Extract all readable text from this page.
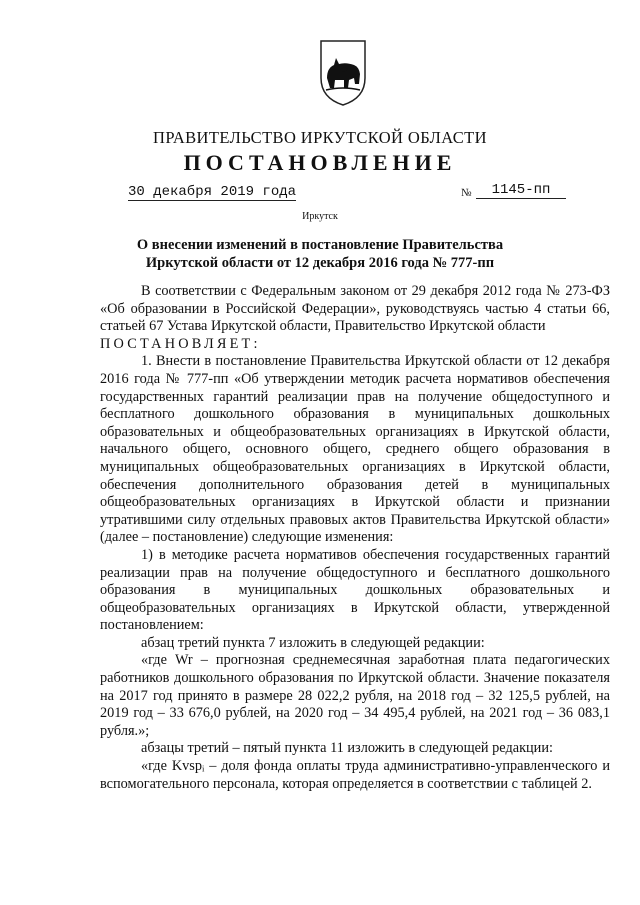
ПРАВИТЕЛЬСТВО ИРКУТСКОЙ ОБЛАСТИ
ПОСТАНОВЛЕНИЕ
30 декабря 2019 года	№	1145-пп
Иркутск
О внесении изменений в постановление Правительства Иркутской области от 12 декабря 2016 года № 777-пп

В соответствии с Федеральным законом от 29 декабря 2012 года № 273-ФЗ «Об образовании в Российской Федерации», руководствуясь частью 4 статьи 66, статьей 67 Устава Иркутской области, Правительство Иркутской области

ПОСТАНОВЛЯЕТ:

1. Внести в постановление Правительства Иркутской области от 12 декабря 2016 года № 777-пп «Об утверждении методик расчета нормативов обеспечения государственных гарантий реализации прав на получение общедоступного и бесплатного дошкольного образования в муниципальных дошкольных образовательных и общеобразовательных организациях в Иркутской области, начального общего, основного общего, среднего общего образования в муниципальных общеобразовательных организациях в Иркутской области, обеспечения дополнительного образования детей в муниципальных общеобразовательных организациях в Иркутской области и признании утратившими силу отдельных правовых актов Правительства Иркутской области» (далее – постановление) следующие изменения:

1) в методике расчета нормативов обеспечения государственных гарантий реализации прав на получение общедоступного и бесплатного дошкольного образования в муниципальных дошкольных образовательных и общеобразовательных организациях в Иркутской области, утвержденной постановлением:

абзац третий пункта 7 изложить в следующей редакции:

«где Wr – прогнозная среднемесячная заработная плата педагогических работников дошкольного образования по Иркутской области. Значение показателя на 2017 год принято в размере 28 022,2 рубля, на 2018 год – 32 125,5 рублей, на 2019 год – 33 676,0 рублей, на 2020 год – 34 495,4 рублей, на 2021 год – 36 083,1 рубля.»;

абзацы третий – пятый пункта 11 изложить в следующей редакции:

«где Kvspᵢ – доля фонда оплаты труда административно-управленческого и вспомогательного персонала, которая определяется в соответствии с таблицей 2.
